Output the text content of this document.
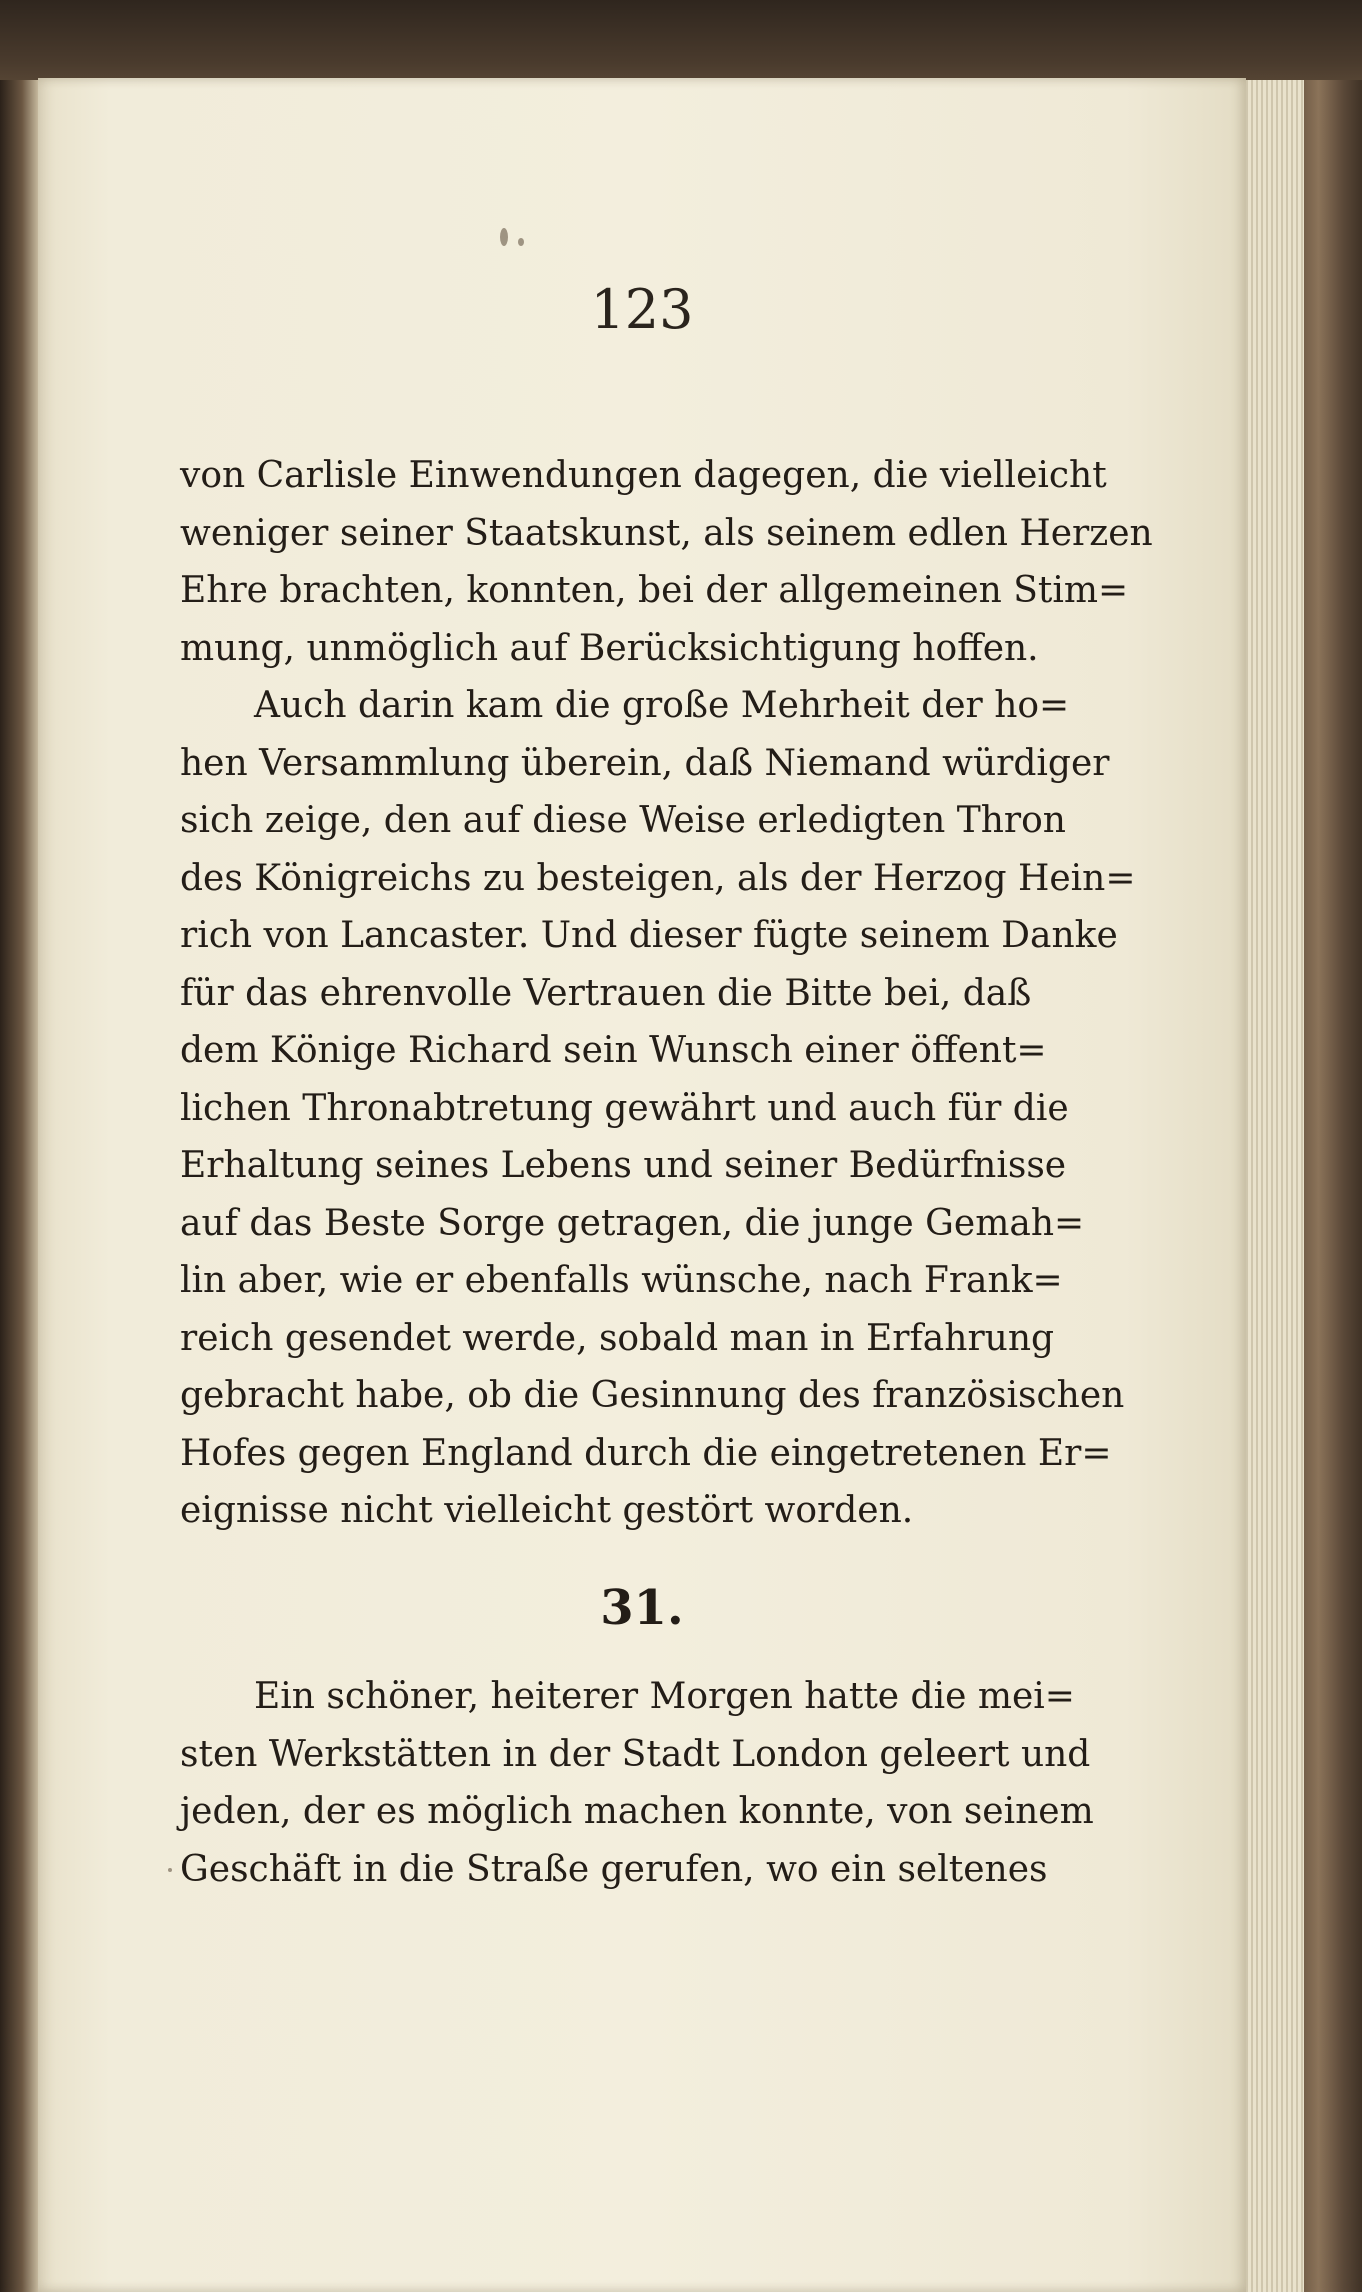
123
von Carlisle Einwendungen dagegen, die vielleicht
weniger seiner Staatskunst, als seinem edlen Herzen
Ehre brachten, konnten, bei der allgemeinen Stim=
mung, unmöglich auf Berücksichtigung hoffen.
Auch darin kam die große Mehrheit der ho=
hen Versammlung überein, daß Niemand würdiger
sich zeige, den auf diese Weise erledigten Thron
des Königreichs zu besteigen, als der Herzog Hein=
rich von Lancaster. Und dieser fügte seinem Danke
für das ehrenvolle Vertrauen die Bitte bei, daß
dem Könige Richard sein Wunsch einer öffent=
lichen Thronabtretung gewährt und auch für die
Erhaltung seines Lebens und seiner Bedürfnisse
auf das Beste Sorge getragen, die junge Gemah=
lin aber, wie er ebenfalls wünsche, nach Frank=
reich gesendet werde, sobald man in Erfahrung
gebracht habe, ob die Gesinnung des französischen
Hofes gegen England durch die eingetretenen Er=
eignisse nicht vielleicht gestört worden.
31.
Ein schöner, heiterer Morgen hatte die mei=
sten Werkstätten in der Stadt London geleert und
jeden, der es möglich machen konnte, von seinem
Geschäft in die Straße gerufen, wo ein seltenes
